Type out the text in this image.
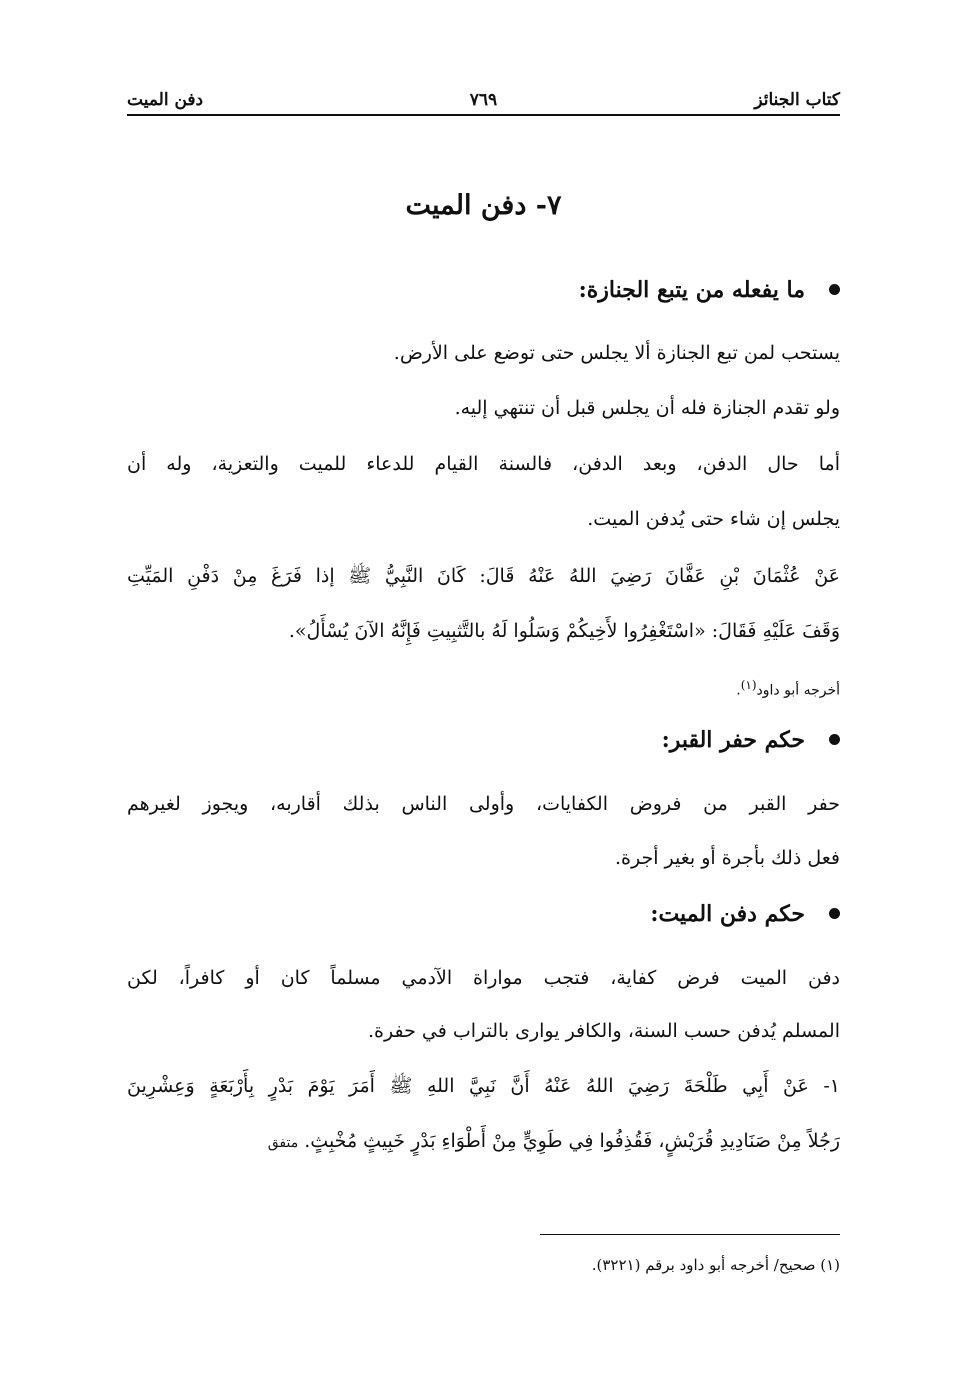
كتاب الجنائز
٧٦٩
دفن الميت
٧- دفن الميت
ما يفعله من يتبع الجنازة:
يستحب لمن تبع الجنازة ألا يجلس حتى توضع على الأرض.
ولو تقدم الجنازة فله أن يجلس قبل أن تنتهي إليه.
أما حال الدفن، وبعد الدفن، فالسنة القيام للدعاء للميت والتعزية، وله أن
يجلس إن شاء حتى يُدفن الميت.
عَنْ عُثْمَانَ بْنِ عَفَّانَ رَضِيَ اللهُ عَنْهُ قَالَ: كَانَ النَّبِيُّ ﷺ إذا فَرَغَ مِنْ دَفْنِ المَيِّتِ
وَقَفَ عَلَيْهِ فَقَالَ: «اسْتَغْفِرُوا لأَخِيكُمْ وَسَلُوا لَهُ بالتَّثبِيتِ فَإِنَّهُ الآنَ يُسْأَلُ».
أخرجه أبو داود$^{(١)}$.
حكم حفر القبر:
حفر القبر من فروض الكفايات، وأولى الناس بذلك أقاربه، ويجوز لغيرهم
فعل ذلك بأجرة أو بغير أجرة.
حكم دفن الميت:
دفن الميت فرض كفاية، فتجب مواراة الآدمي مسلماً كان أو كافراً، لكن
المسلم يُدفن حسب السنة، والكافر يوارى بالتراب في حفرة.
١- عَنْ أَبِي طَلْحَةَ رَضِيَ اللهُ عَنْهُ أَنَّ نَبِيَّ اللهِ ﷺ أَمَرَ يَوْمَ بَدْرٍ بِأَرْبَعَةٍ وَعِشْرِينَ
رَجُلاً مِنْ صَنَادِيدِ قُرَيْشٍ، فَقُذِفُوا فِي طَوِيٍّ مِنْ أَطْوَاءِ بَدْرٍ خَبِيثٍ مُخْبِثٍ. متفق
(١) صحيح/ أخرجه أبو داود برقم (٣٢٢١).
